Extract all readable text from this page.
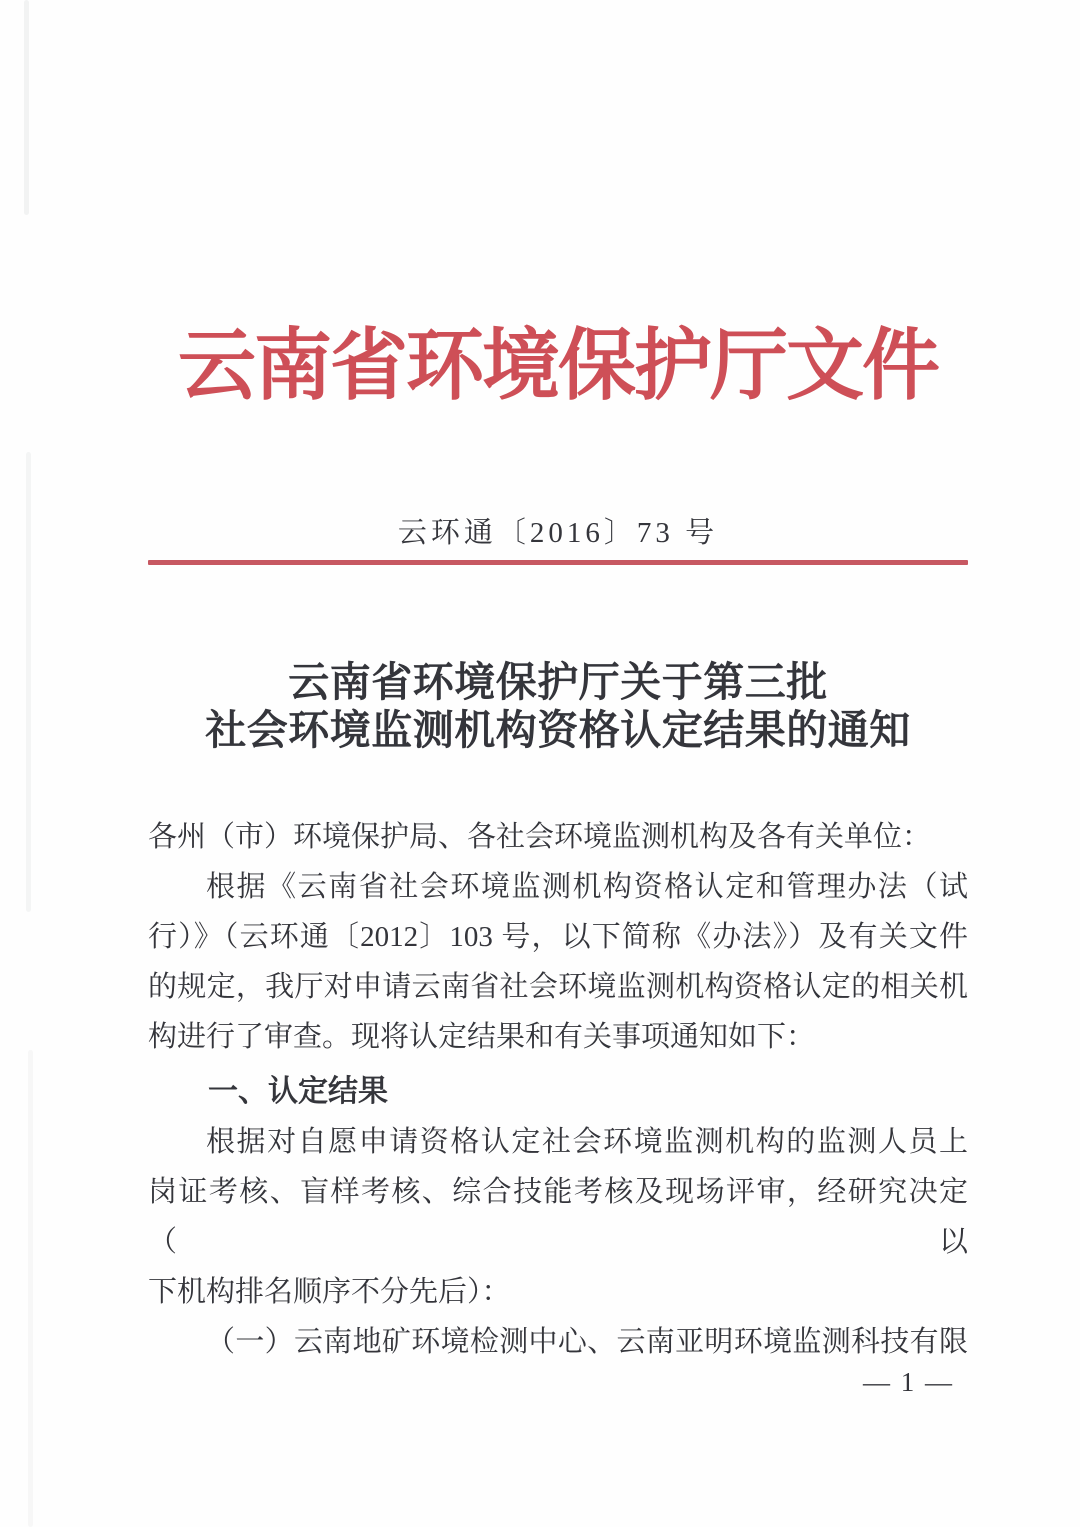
云南省环境保护厅文件
云环通〔2016〕73 号
云南省环境保护厅关于第三批
社会环境监测机构资格认定结果的通知
各州（市）环境保护局、各社会环境监测机构及各有关单位：
根据《云南省社会环境监测机构资格认定和管理办法（试
行）》（云环通〔2012〕103 号，以下简称《办法》）及有关文件
的规定，我厅对申请云南省社会环境监测机构资格认定的相关机
构进行了审查。现将认定结果和有关事项通知如下：
一、认定结果
根据对自愿申请资格认定社会环境监测机构的监测人员上
岗证考核、盲样考核、综合技能考核及现场评审，经研究决定（以
下机构排名顺序不分先后）：
（一）云南地矿环境检测中心、云南亚明环境监测科技有限
— 1 —
